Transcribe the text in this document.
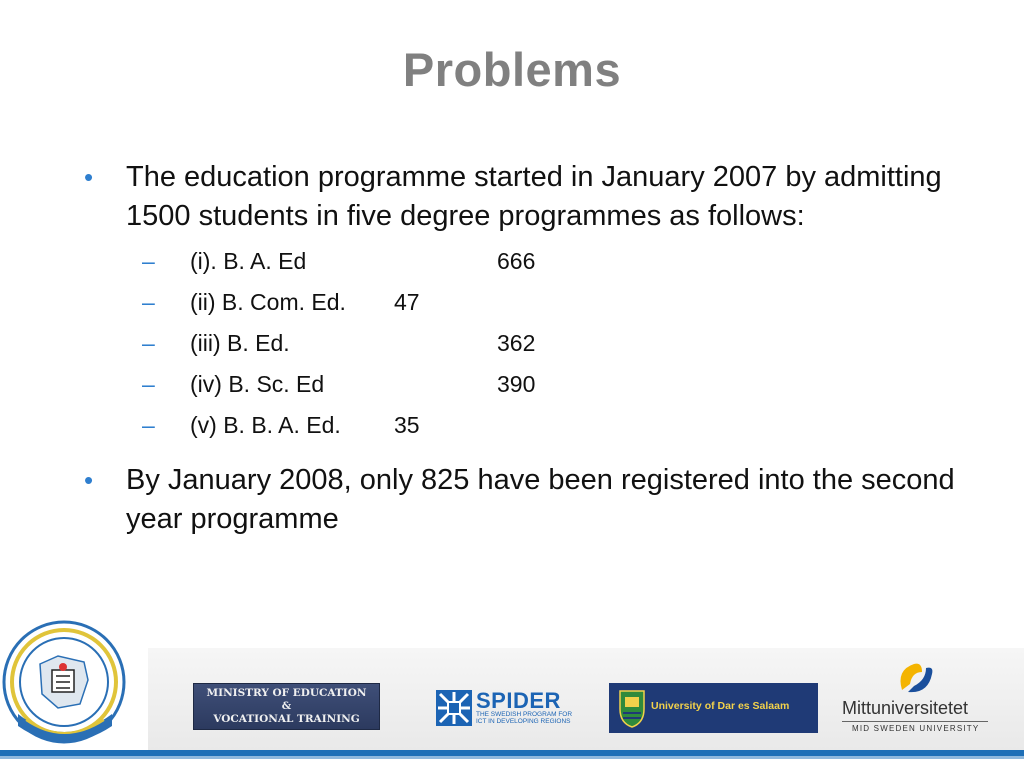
Problems
• The education programme started in January 2007 by admitting 1500 students in five degree programmes as follows:
– (i). B. A. Ed	666
– (ii) B. Com. Ed. 47
– (iii) B. Ed.	362
– (iv) B. Sc. Ed	390
– (v) B. B. A. Ed. 35
• By January 2008, only 825 have been registered into the second year programme
MINISTRY OF EDUCATION
&
VOCATIONAL TRAINING
SPIDER
THE SWEDISH PROGRAM FOR ICT IN DEVELOPING REGIONS
University of Dar es Salaam	Mittuniversitetet
MID SWEDEN UNIVERSITY
